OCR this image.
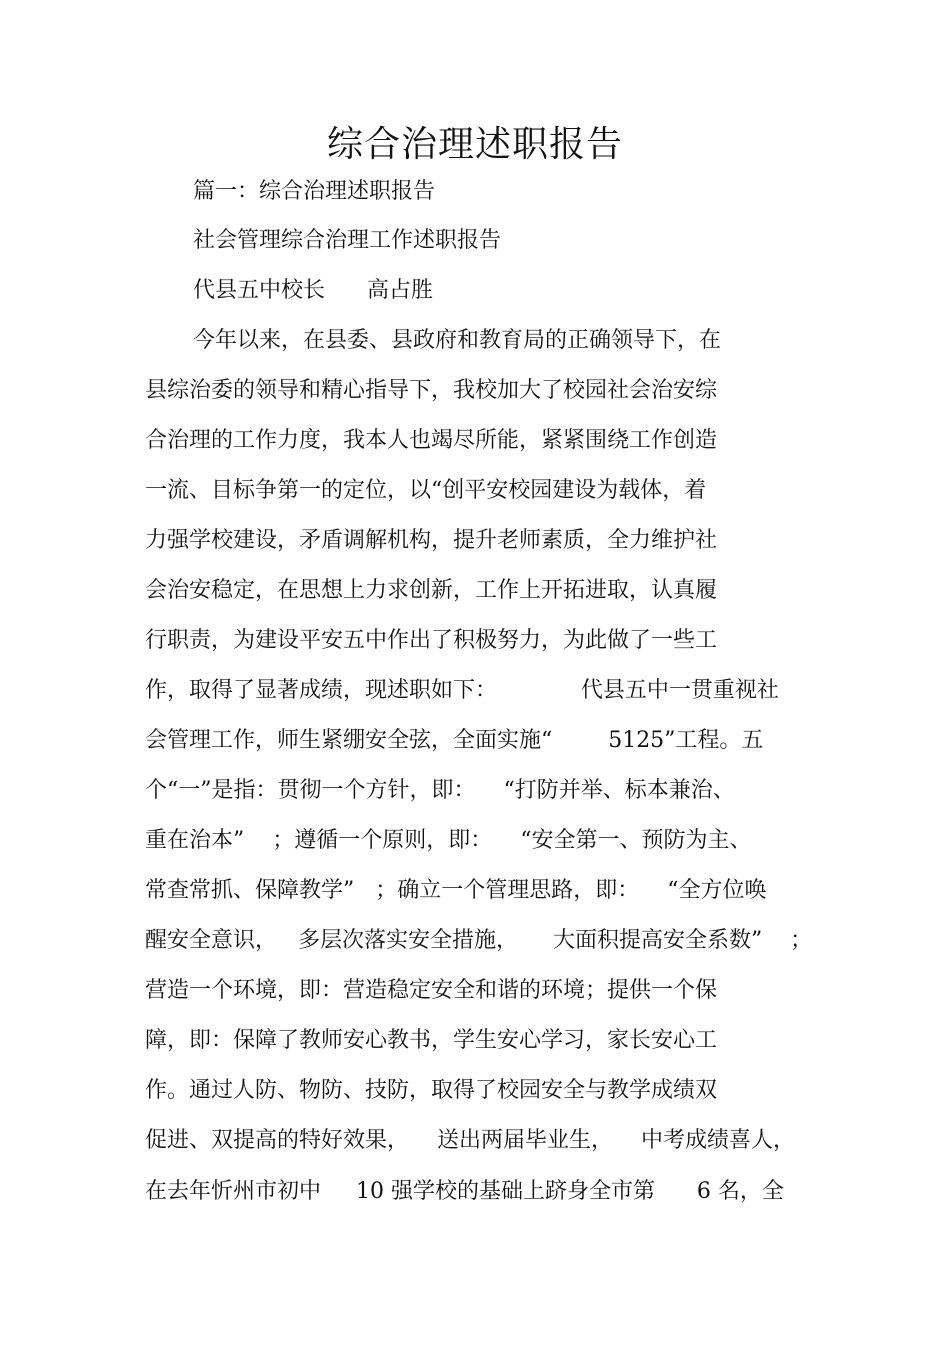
综合治理述职报告
篇一：综合治理述职报告
社会管理综合治理工作述职报告
代县五中校长      高占胜
今年以来，在县委、县政府和教育局的正确领导下，在
县综治委的领导和精心指导下，我校加大了校园社会治安综
合治理的工作力度，我本人也竭尽所能，紧紧围绕工作创造
一流、目标争第一的定位，以“创平安校园建设为载体，着
力强学校建设，矛盾调解机构，提升老师素质，全力维护社
会治安稳定，在思想上力求创新，工作上开拓进取，认真履
行职责，为建设平安五中作出了积极努力，为此做了一些工
作，取得了显著成绩，现述职如下：            代县五中一贯重视社
会管理工作，师生紧绷安全弦，全面实施“        5125”工程。五
个“一”是指：贯彻一个方针，即：    “打防并举、标本兼治、
重在治本”    ；遵循一个原则，即：    “安全第一、预防为主、
常查常抓、保障教学”   ；确立一个管理思路，即：    “全方位唤
醒安全意识，   多层次落实安全措施，     大面积提高安全系数”    ；
营造一个环境，即：营造稳定安全和谐的环境；提供一个保
障，即：保障了教师安心教书，学生安心学习，家长安心工
作。通过人防、物防、技防，取得了校园安全与教学成绩双
促进、双提高的特好效果，    送出两届毕业生，    中考成绩喜人，
在去年忻州市初中     10 强学校的基础上跻身全市第      6 名，全
